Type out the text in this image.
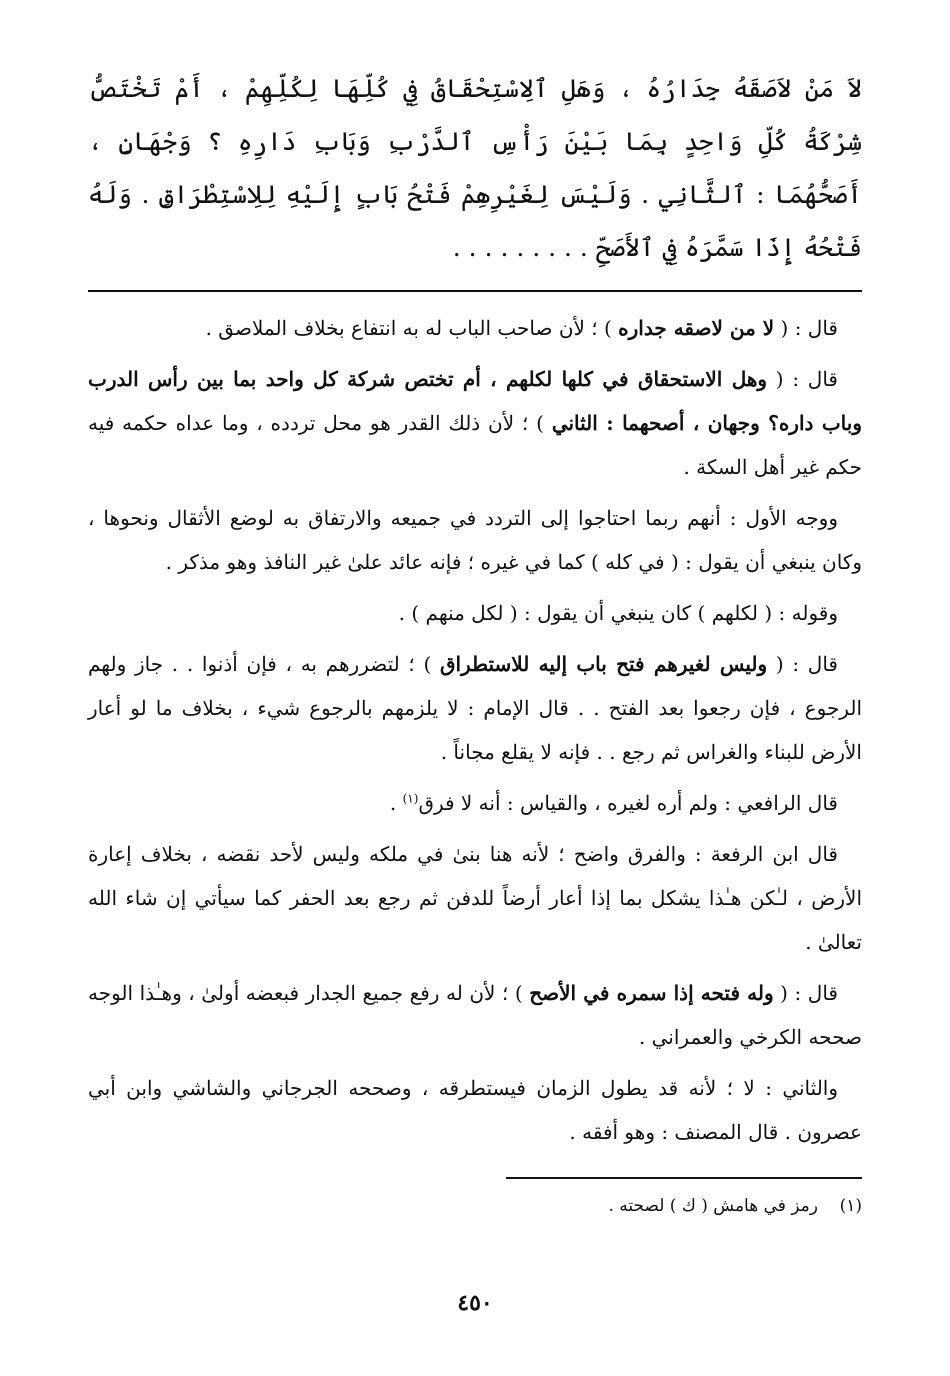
لاَ مَنْ لاَصَقَهُ جِدَارُهُ ، وَهَلِ ٱلِاسْتِحْقَاقُ فِي كُلِّهَا لِكُلِّهِمْ ، أَمْ تَخْتَصُّ شِرْكَةُ كُلِّ وَاحِدٍ بِمَا بَيْنَ رَأْسِ ٱلدَّرْبِ وَبَابِ دَارِهِ ؟ وَجْهَانِ ، أَصَحُّهُمَا : ٱلثَّانِي . وَلَيْسَ لِغَيْرِهِمْ فَتْحُ بَابٍ إِلَيْهِ لِلِاسْتِطْرَاقِ . وَلَهُ فَتْحُهُ إِذَا سَمَّرَهُ فِي ٱلأَصَحِّ . . . . . . . . .

قال : ( لا من لاصقه جداره ) ؛ لأن صاحب الباب له به انتفاع بخلاف الملاصق .

قال : ( وهل الاستحقاق في كلها لكلهم ، أم تختص شركة كل واحد بما بين رأس الدرب وباب داره؟ وجهان ، أصحهما : الثاني ) ؛ لأن ذلك القدر هو محل تردده ، وما عداه حكمه فيه حكم غير أهل السكة .

ووجه الأول : أنهم ربما احتاجوا إلى التردد في جميعه والارتفاق به لوضع الأثقال ونحوها ، وكان ينبغي أن يقول : ( في كله ) كما في غيره ؛ فإنه عائد علىٰ غير النافذ وهو مذكر .

وقوله : ( لكلهم ) كان ينبغي أن يقول : ( لكل منهم ) .

قال : ( وليس لغيرهم فتح باب إليه للاستطراق ) ؛ لتضررهم به ، فإن أذنوا . . جاز ولهم الرجوع ، فإن رجعوا بعد الفتح . . قال الإمام : لا يلزمهم بالرجوع شيء ، بخلاف ما لو أعار الأرض للبناء والغراس ثم رجع . . فإنه لا يقلع مجاناً .

قال الرافعي : ولم أره لغيره ، والقياس : أنه لا فرق$^{(١)}$ .

قال ابن الرفعة : والفرق واضح ؛ لأنه هنا بنىٰ في ملكه وليس لأحد نقضه ، بخلاف إعارة الأرض ، لـٰكن هـٰذا يشكل بما إذا أعار أرضاً للدفن ثم رجع بعد الحفر كما سيأتي إن شاء الله تعالىٰ .

قال : ( وله فتحه إذا سمره في الأصح ) ؛ لأن له رفع جميع الجدار فبعضه أولىٰ ، وهـٰذا الوجه صححه الكرخي والعمراني .

والثاني : لا ؛ لأنه قد يطول الزمان فيستطرقه ، وصححه الجرجاني والشاشي وابن أبي عصرون . قال المصنف : وهو أفقه .

(١)رمز في هامش ( ك ) لصحته .
٤٥٠
